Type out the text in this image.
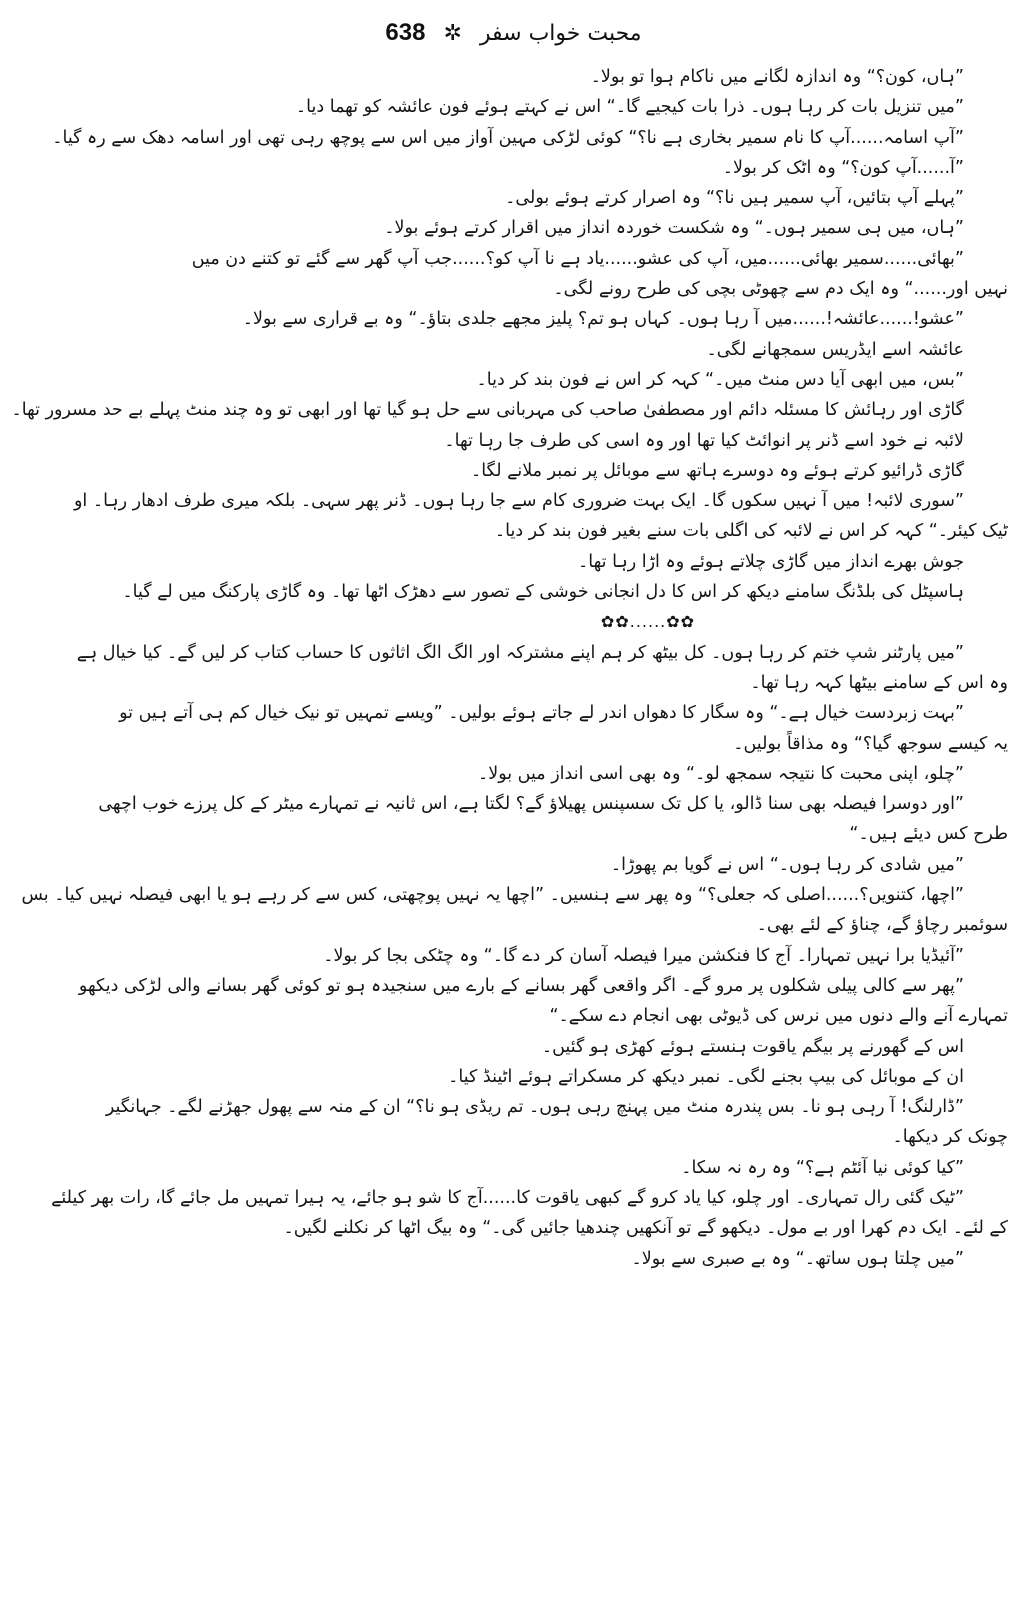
638 ✲ محبت خواب سفر
”ہاں، کون؟“ وہ اندازہ لگانے میں ناکام ہوا تو بولا۔
”میں تنزیل بات کر رہا ہوں۔ ذرا بات کیجیے گا۔“ اس نے کہتے ہوئے فون عائشہ کو تھما دیا۔
”آپ اسامہ......آپ کا نام سمیر بخاری ہے نا؟“ کوئی لڑکی مہین آواز میں اس سے پوچھ رہی تھی اور اسامہ دھک سے رہ گیا۔
”آ......آپ کون؟“ وہ اٹک کر بولا۔
”پہلے آپ بتائیں، آپ سمیر ہیں نا؟“ وہ اصرار کرتے ہوئے بولی۔
”ہاں، میں ہی سمیر ہوں۔“ وہ شکست خوردہ انداز میں اقرار کرتے ہوئے بولا۔
”بھائی......سمیر بھائی......میں، آپ کی عشو......یاد ہے نا آپ کو؟......جب آپ گھر سے گئے تو کتنے دن میں
نہیں اور......“ وہ ایک دم سے چھوٹی بچی کی طرح رونے لگی۔
”عشو!......عائشہ!......میں آ رہا ہوں۔ کہاں ہو تم؟ پلیز مجھے جلدی بتاؤ۔“ وہ بے قراری سے بولا۔
عائشہ اسے ایڈریس سمجھانے لگی۔
”بس، میں ابھی آیا دس منٹ میں۔“ کہہ کر اس نے فون بند کر دیا۔
گاڑی اور رہائش کا مسئلہ دائم اور مصطفیٰ صاحب کی مہربانی سے حل ہو گیا تھا اور ابھی تو وہ چند منٹ پہلے بے حد مسرور تھا۔
لائبہ نے خود اسے ڈنر پر انوائٹ کیا تھا اور وہ اسی کی طرف جا رہا تھا۔
گاڑی ڈرائیو کرتے ہوئے وہ دوسرے ہاتھ سے موبائل پر نمبر ملانے لگا۔
”سوری لائبہ! میں آ نہیں سکوں گا۔ ایک بہت ضروری کام سے جا رہا ہوں۔ ڈنر پھر سہی۔ بلکہ میری طرف ادھار رہا۔ او
ٹیک کیئر۔“ کہہ کر اس نے لائبہ کی اگلی بات سنے بغیر فون بند کر دیا۔
جوش بھرے انداز میں گاڑی چلاتے ہوئے وہ اڑا رہا تھا۔
ہاسپٹل کی بلڈنگ سامنے دیکھ کر اس کا دل انجانی خوشی کے تصور سے دھڑک اٹھا تھا۔ وہ گاڑی پارکنگ میں لے گیا۔
✿✿......✿✿
”میں پارٹنر شپ ختم کر رہا ہوں۔ کل بیٹھ کر ہم اپنے مشترکہ اور الگ الگ اثاثوں کا حساب کتاب کر لیں گے۔ کیا خیال ہے
وہ اس کے سامنے بیٹھا کہہ رہا تھا۔
”بہت زبردست خیال ہے۔“ وہ سگار کا دھواں اندر لے جاتے ہوئے بولیں۔ ”ویسے تمہیں تو نیک خیال کم ہی آتے ہیں تو
یہ کیسے سوجھ گیا؟“ وہ مذاقاً بولیں۔
”چلو، اپنی محبت کا نتیجہ سمجھ لو۔“ وہ بھی اسی انداز میں بولا۔
”اور دوسرا فیصلہ بھی سنا ڈالو، یا کل تک سسپنس پھیلاؤ گے؟ لگتا ہے، اس ثانیہ نے تمہارے میٹر کے کل پرزے خوب اچھی
طرح کس دیئے ہیں۔“
”میں شادی کر رہا ہوں۔“ اس نے گویا بم پھوڑا۔
”اچھا، کتنویں؟......اصلی کہ جعلی؟“ وہ پھر سے ہنسیں۔ ”اچھا یہ نہیں پوچھتی، کس سے کر رہے ہو یا ابھی فیصلہ نہیں کیا۔ بس
سوئمبر رچاؤ گے، چناؤ کے لئے بھی۔
”آئیڈیا برا نہیں تمہارا۔ آج کا فنکشن میرا فیصلہ آسان کر دے گا۔“ وہ چٹکی بجا کر بولا۔
”پھر سے کالی پیلی شکلوں پر مرو گے۔ اگر واقعی گھر بسانے کے بارے میں سنجیدہ ہو تو کوئی گھر بسانے والی لڑکی دیکھو
تمہارے آنے والے دنوں میں نرس کی ڈیوٹی بھی انجام دے سکے۔“
اس کے گھورنے پر بیگم یاقوت ہنستے ہوئے کھڑی ہو گئیں۔
ان کے موبائل کی بیپ بجنے لگی۔ نمبر دیکھ کر مسکراتے ہوئے اٹینڈ کیا۔
”ڈارلنگ! آ رہی ہو نا۔ بس پندرہ منٹ میں پہنچ رہی ہوں۔ تم ریڈی ہو نا؟“ ان کے منہ سے پھول جھڑنے لگے۔ جہانگیر
چونک کر دیکھا۔
”کیا کوئی نیا آئٹم ہے؟“ وہ رہ نہ سکا۔
”ٹیک گئی رال تمہاری۔ اور چلو، کیا یاد کرو گے کبھی یاقوت کا......آج کا شو ہو جائے، یہ ہیرا تمہیں مل جائے گا، رات بھر کیلئے
کے لئے۔ ایک دم کھرا اور بے مول۔ دیکھو گے تو آنکھیں چندھیا جائیں گی۔“ وہ بیگ اٹھا کر نکلنے لگیں۔
”میں چلتا ہوں ساتھ۔“ وہ بے صبری سے بولا۔
